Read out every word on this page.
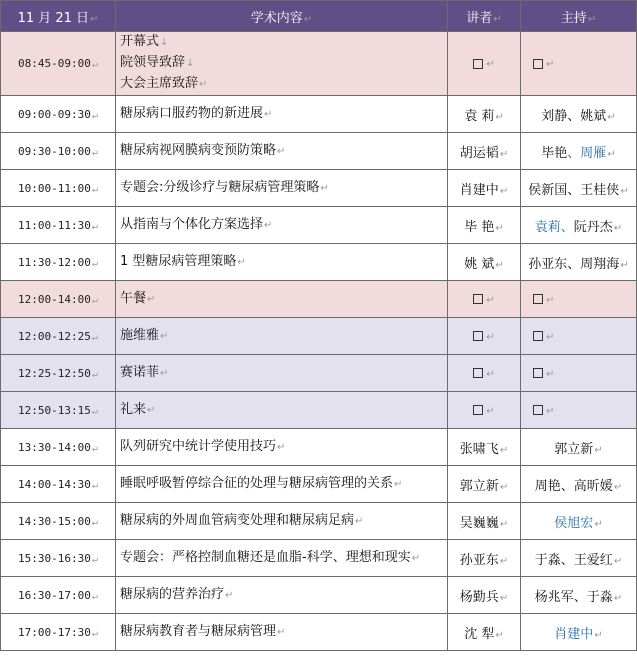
11 月 21 日↵	学术内容↵	讲者↵	主持↵
08:45-09:00↵	开幕式↓
院领导致辞↓
大会主席致辞↵	↵	↵
09:00-09:30↵	糖尿病口服药物的新进展↵	袁 莉↵	刘静、姚斌↵
09:30-10:00↵	糖尿病视网膜病变预防策略↵	胡运韬↵	毕艳、周雁↵
10:00-11:00↵	专题会:分级诊疗与糖尿病管理策略↵	肖建中↵	侯新国、王桂侠↵
11:00-11:30↵	从指南与个体化方案选择↵	毕 艳↵	袁莉、阮丹杰↵
11:30-12:00↵	1 型糖尿病管理策略↵	姚 斌↵	孙亚东、周翔海↵
12:00-14:00↵	午餐↵	↵	↵
12:00-12:25↵	施维雅↵	↵	↵
12:25-12:50↵	赛诺菲↵	↵	↵
12:50-13:15↵	礼来↵	↵	↵
13:30-14:00↵	队列研究中统计学使用技巧↵	张啸飞↵	郭立新↵
14:00-14:30↵	睡眠呼吸暂停综合征的处理与糖尿病管理的关系↵	郭立新↵	周艳、高昕媛↵
14:30-15:00↵	糖尿病的外周血管病变处理和糖尿病足病↵	吴巍巍↵	侯旭宏↵
15:30-16:30↵	专题会：严格控制血糖还是血脂-科学、理想和现实↵	孙亚东↵	于淼、王爱红↵
16:30-17:00↵	糖尿病的营养治疗↵	杨勤兵↵	杨兆军、于淼↵
17:00-17:30↵	糖尿病教育者与糖尿病管理↵	沈 犁↵	肖建中↵
